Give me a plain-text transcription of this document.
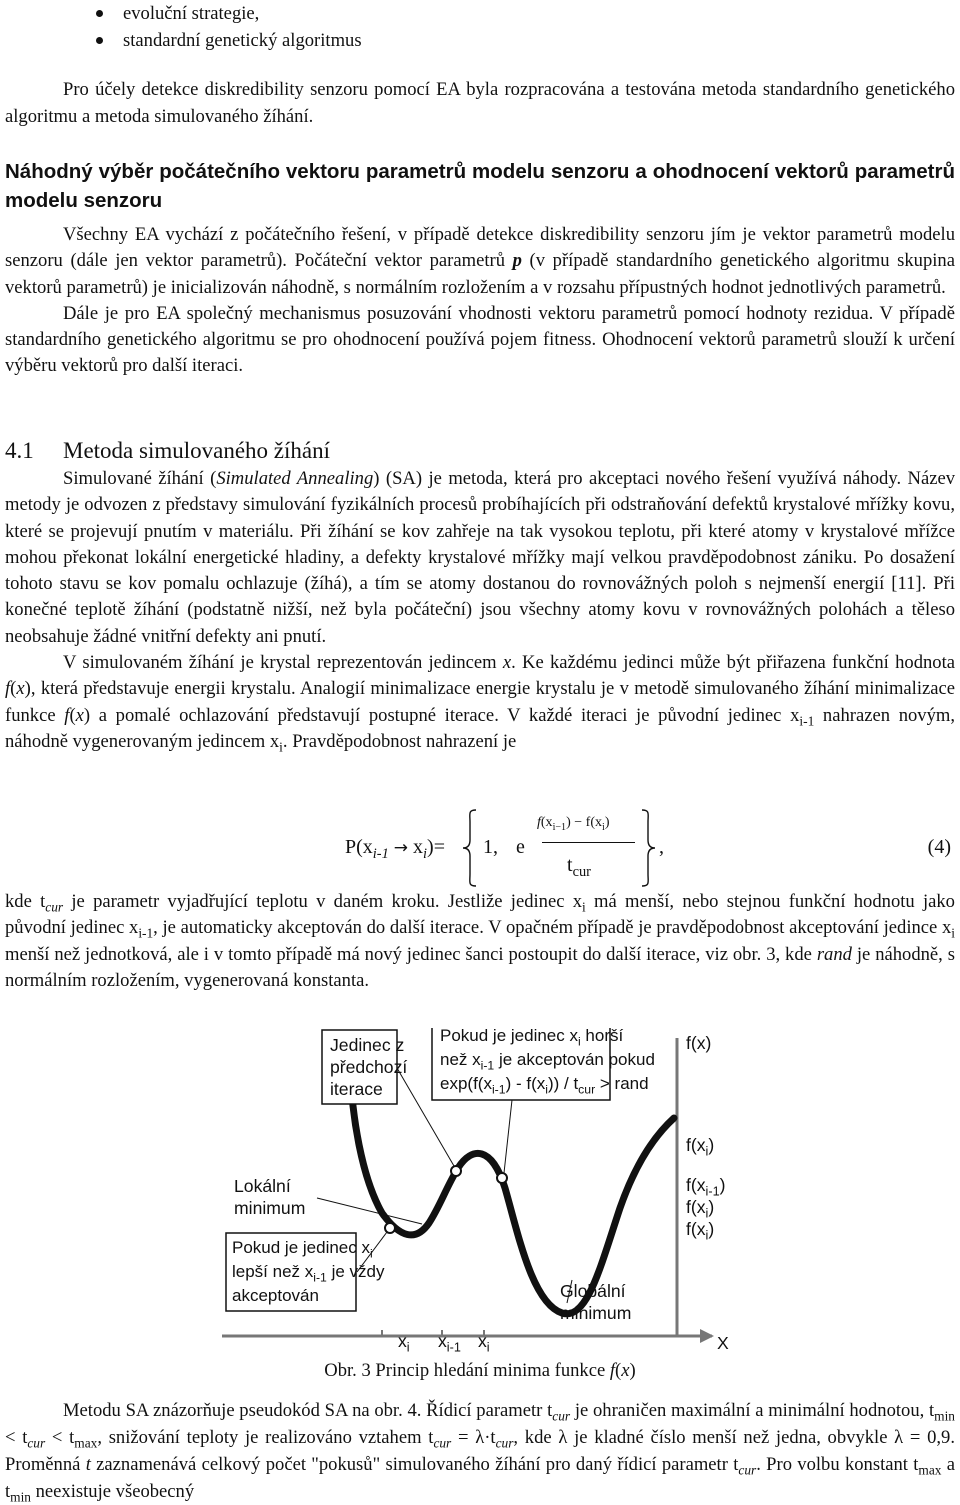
evoluční strategie,
standardní genetický algoritmus

Pro účely detekce diskredibility senzoru pomocí EA byla rozpracována a testována metoda standardního genetického algoritmu a metoda simulovaného žíhání.

Náhodný výběr počátečního vektoru parametrů modelu senzoru a ohodnocení vektorů parametrů modelu senzoru

Všechny EA vychází z počátečního řešení, v případě detekce diskredibility senzoru jím je vektor parametrů modelu senzoru (dále jen vektor parametrů). Počáteční vektor parametrů p (v případě standardního genetického algoritmu skupina vektorů parametrů) je inicializován náhodně, s normálním rozložením a v rozsahu přípustných hodnot jednotlivých parametrů.

Dále je pro EA společný mechanismus posuzování vhodnosti vektoru parametrů pomocí hodnoty rezidua. V případě standardního genetického algoritmu se pro ohodnocení používá pojem fitness. Ohodnocení vektorů parametrů slouží k určení výběru vektorů pro další iteraci.

4.1 Metoda simulovaného žíhání

Simulované žíhání (Simulated Annealing) (SA) je metoda, která pro akceptaci nového řešení využívá náhody. Název metody je odvozen z představy simulování fyzikálních procesů probíhajících při odstraňování defektů krystalové mřížky kovu, které se projevují pnutím v materiálu. Při žíhání se kov zahřeje na tak vysokou teplotu, při které atomy v krystalové mřížce mohou překonat lokální energetické hladiny, a defekty krystalové mřížky mají velkou pravděpodobnost zániku. Po dosažení tohoto stavu se kov pomalu ochlazuje (žíhá), a tím se atomy dostanou do rovnovážných poloh s nejmenší energií [11]. Při konečné teplotě žíhání (podstatně nižší, než byla počáteční) jsou všechny atomy kovu v rovnovážných polohách a těleso neobsahuje žádné vnitřní defekty ani pnutí.

V simulovaném žíhání je krystal reprezentován jedincem x. Ke každému jedinci může být přiřazena funkční hodnota f(x), která představuje energii krystalu. Analogií minimalizace energie krystalu je v metodě simulovaného žíhání minimalizace funkce f(x) a pomalé ochlazování představují postupné iterace. V každé iteraci je původní jedinec $x_{i-1}$ nahrazen novým, náhodně vygenerovaným jedincem $x_i$. Pravděpodobnost nahrazení je

$P(x_{i-1} \to x_i)= 1$, e
$f(x_{i-1}) - f(x_i)$
$t_{cur}$
,	(4)

kde $t_{cur}$ je parametr vyjadřující teplotu v daném kroku. Jestliže jedinec $x_i$ má menší, nebo stejnou funkční hodnotu jako původní jedinec $x_{i-1}$, je automaticky akceptován do další iterace. V opačném případě je pravděpodobnost akceptování jedince $x_i$ menší než jednotková, ale i v tomto případě má nový jedinec šanci postoupit do další iterace, viz obr. 3, kde rand je náhodně, s normálním rozložením, vygenerovaná konstanta.

Jedinec z
předchozí
iterace
Pokud je jedinec $x_i$ horší
než $x_{i-1}$ je akceptován pokud
$\exp(f(x_{i-1}) - f(x_i)) / t_{cur}$ > rand
Lokální
minimum
Pokud je jedinec $x_i$
lepší než $x_{i-1}$ je vždy
akceptován	Globální
minimum
f(x)
$f(x_i)$
$f(x_{i-1})$
$f(x_i)$
$f(x_i)$
$x_i$ $x_{i-1}$ $x_i$	X
Obr. 3 Princip hledání minima funkce f(x)

Metodu SA znázorňuje pseudokód SA na obr. 4. Řídicí parametr $t_{cur}$ je ohraničen maximální a minimální hodnotou, $t_{min} < t_{cur} < t_{max}$, snižování teploty je realizováno vztahem $t_{cur} = \lambda\cdot t_{cur}$, kde λ je kladné číslo menší než jedna, obvykle λ = 0,9. Proměnná t zaznamenává celkový počet "pokusů" simulovaného žíhání pro daný řídicí parametr $t_{cur}$. Pro volbu konstant $t_{max}$ a $t_{min}$ neexistuje všeobecný
